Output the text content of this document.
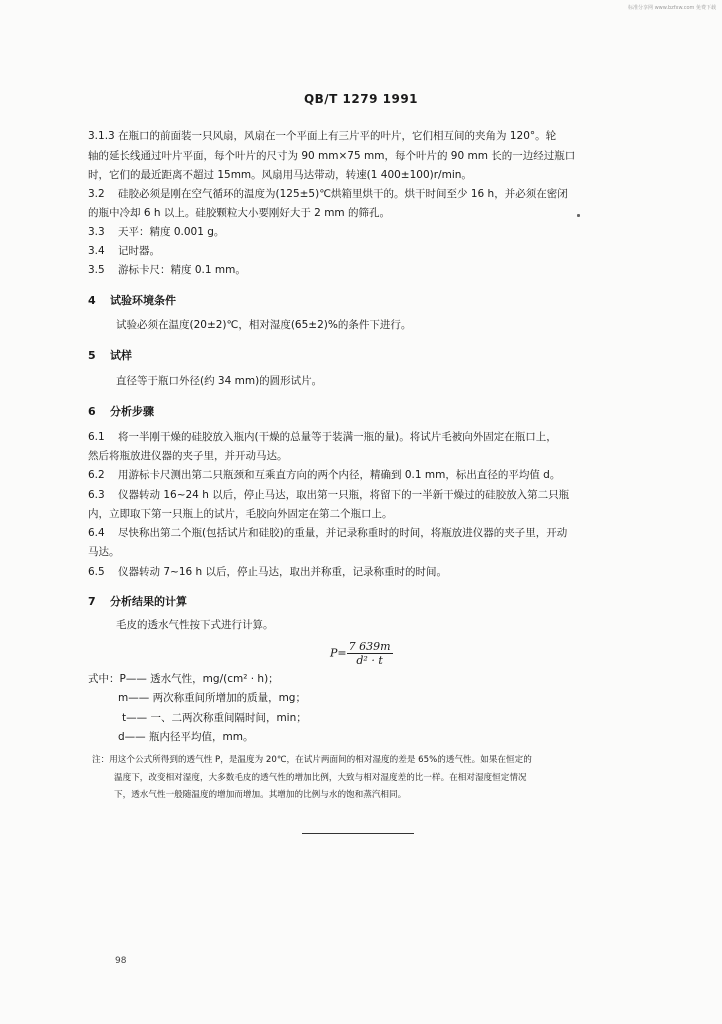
标准分享网 www.bzfxw.com 免费下载
QB/T 1279 1991
3.1.3 在瓶口的前面装一只风扇，风扇在一个平面上有三片平的叶片，它们相互间的夹角为 120°。轮
轴的延长线通过叶片平面，每个叶片的尺寸为 90 mm×75 mm，每个叶片的 90 mm 长的一边经过瓶口
时，它们的最近距离不超过 15mm。风扇用马达带动，转速(1 400±100)r/min。
3.2 硅胶必须是刚在空气循环的温度为(125±5)℃烘箱里烘干的。烘干时间至少 16 h，并必须在密闭
的瓶中冷却 6 h 以上。硅胶颗粒大小要刚好大于 2 mm 的筛孔。
3.3 天平：精度 0.001 g。
3.4 记时器。
3.5 游标卡尺：精度 0.1 mm。
4 试验环境条件
试验必须在温度(20±2)℃，相对湿度(65±2)%的条件下进行。
5 试样
直径等于瓶口外径(约 34 mm)的圆形试片。
6 分析步骤
6.1 将一半刚干燥的硅胶放入瓶内(干燥的总量等于装满一瓶的量)。将试片毛被向外固定在瓶口上，
然后将瓶放进仪器的夹子里，并开动马达。
6.2 用游标卡尺测出第二只瓶颈和互乘直方向的两个内径，精确到 0.1 mm，标出直径的平均值 d。
6.3 仪器转动 16~24 h 以后，停止马达，取出第一只瓶，将留下的一半新干燥过的硅胶放入第二只瓶
内，立即取下第一只瓶上的试片，毛胶向外固定在第二个瓶口上。
6.4 尽快称出第二个瓶(包括试片和硅胶)的重量，并记录称重时的时间，将瓶放进仪器的夹子里，开动
马达。
6.5 仪器转动 7~16 h 以后，停止马达，取出并称重，记录称重时的时间。
7 分析结果的计算
毛皮的透水气性按下式进行计算。
$P= \frac{7 639m}{\text{d² · t}}$
式中：P—— 透水气性，mg/(cm² · h)；
m—— 两次称重间所增加的质量，mg；
t—— 一、二两次称重间隔时间，min；
d—— 瓶内径平均值，mm。
注：用这个公式所得到的透气性 P，是温度为 20℃，在试片两面间的相对湿度的差是 65%的透气性。如果在恒定的
温度下，改变相对湿度，大多数毛皮的透气性的增加比例，大致与相对湿度差的比一样。在相对湿度恒定情况
下，透水气性一般随温度的增加而增加。其增加的比例与水的饱和蒸汽相同。
98
